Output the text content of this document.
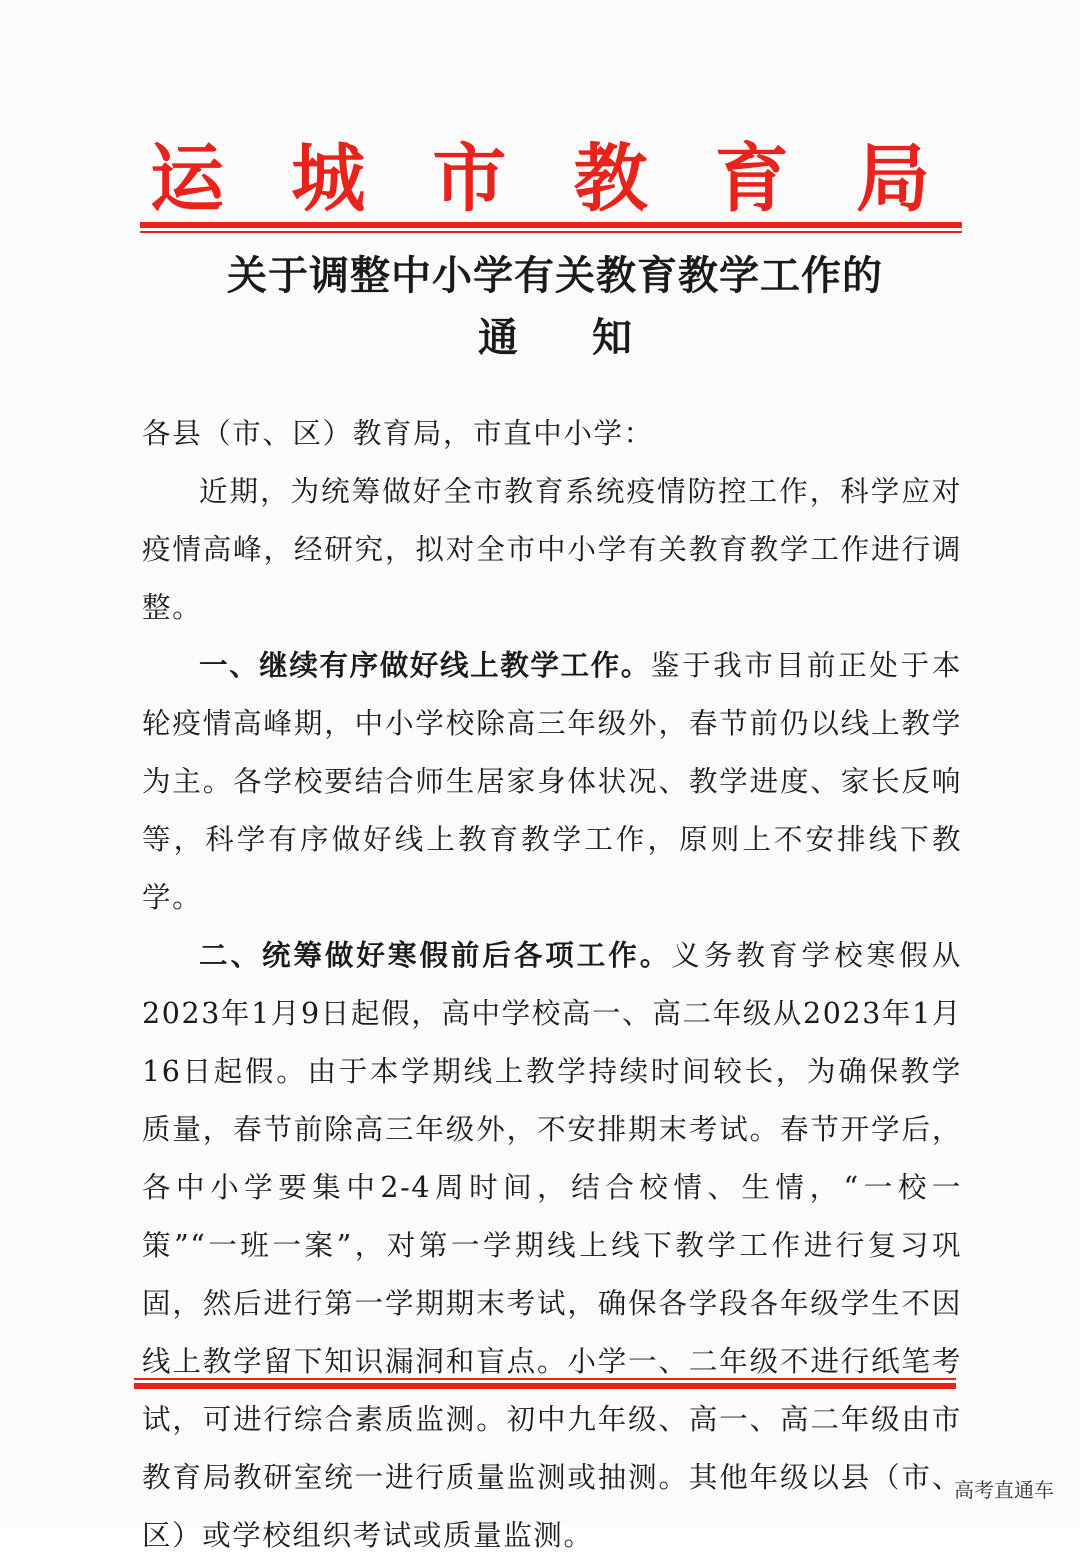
运 城 市 教 育 局
关于调整中小学有关教育教学工作的
通 知

各县（市、区）教育局，市直中小学：

近期，为统筹做好全市教育系统疫情防控工作，科学应对疫情高峰，经研究，拟对全市中小学有关教育教学工作进行调整。

一、继续有序做好线上教学工作。鉴于我市目前正处于本轮疫情高峰期，中小学校除高三年级外，春节前仍以线上教学为主。各学校要结合师生居家身体状况、教学进度、家长反响等，科学有序做好线上教育教学工作，原则上不安排线下教学。

二、统筹做好寒假前后各项工作。义务教育学校寒假从2023年1月9日起假，高中学校高一、高二年级从2023年1月16日起假。由于本学期线上教学持续时间较长，为确保教学质量，春节前除高三年级外，不安排期末考试。春节开学后，各中小学要集中2-4周时间，结合校情、生情，“一校一策”“一班一案”，对第一学期线上线下教学工作进行复习巩固，然后进行第一学期期末考试，确保各学段各年级学生不因线上教学留下知识漏洞和盲点。小学一、二年级不进行纸笔考试，可进行综合素质监测。初中九年级、高一、高二年级由市教育局教研室统一进行质量监测或抽测。其他年级以县（市、区）或学校组织考试或质量监测。

高考直通车
